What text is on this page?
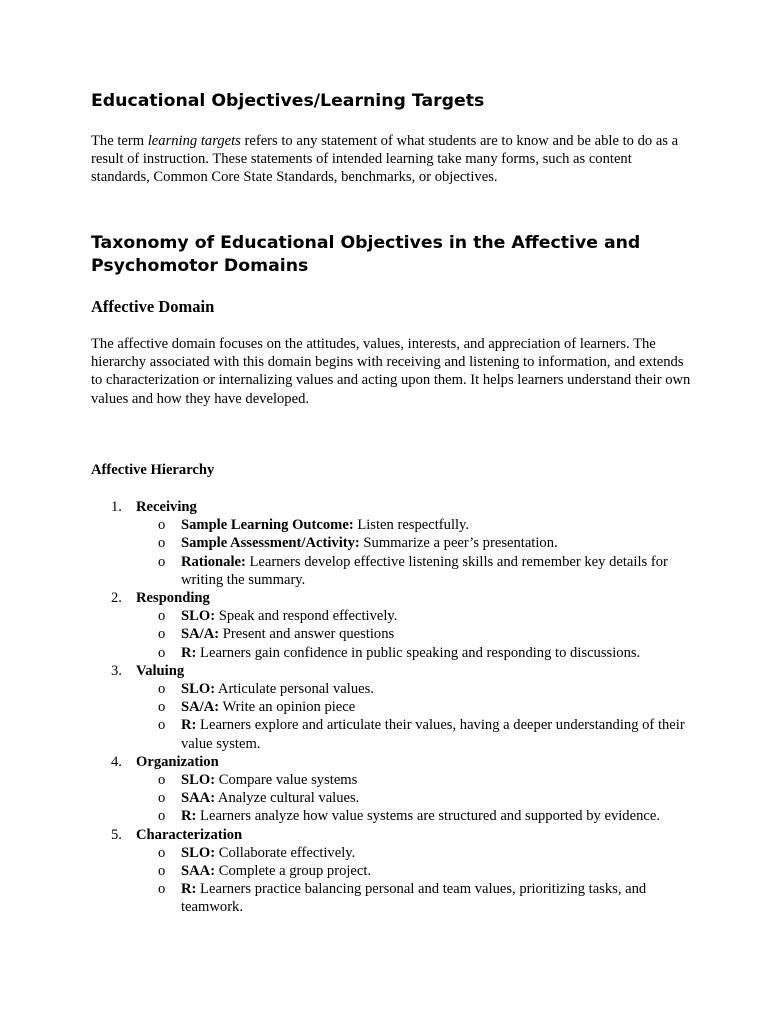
Educational Objectives/Learning Targets
The term learning targets refers to any statement of what students are to know and be able to do as a result of instruction. These statements of intended learning take many forms, such as content standards, Common Core State Standards, benchmarks, or objectives.
Taxonomy of Educational Objectives in the Affective and Psychomotor Domains
Affective Domain
The affective domain focuses on the attitudes, values, interests, and appreciation of learners. The hierarchy associated with this domain begins with receiving and listening to information, and extends to characterization or internalizing values and acting upon them. It helps learners understand their own values and how they have developed.
Affective Hierarchy
1. Receiving
o Sample Learning Outcome: Listen respectfully.
o Sample Assessment/Activity: Summarize a peer’s presentation.
o Rationale: Learners develop effective listening skills and remember key details for writing the summary.
2. Responding
o SLO: Speak and respond effectively.
o SA/A: Present and answer questions
o R: Learners gain confidence in public speaking and responding to discussions.
3. Valuing
o SLO: Articulate personal values.
o SA/A: Write an opinion piece
o R: Learners explore and articulate their values, having a deeper understanding of their value system.
4. Organization
o SLO: Compare value systems
o SAA: Analyze cultural values.
o R: Learners analyze how value systems are structured and supported by evidence.
5. Characterization
o SLO: Collaborate effectively.
o SAA: Complete a group project.
o R: Learners practice balancing personal and team values, prioritizing tasks, and teamwork.
